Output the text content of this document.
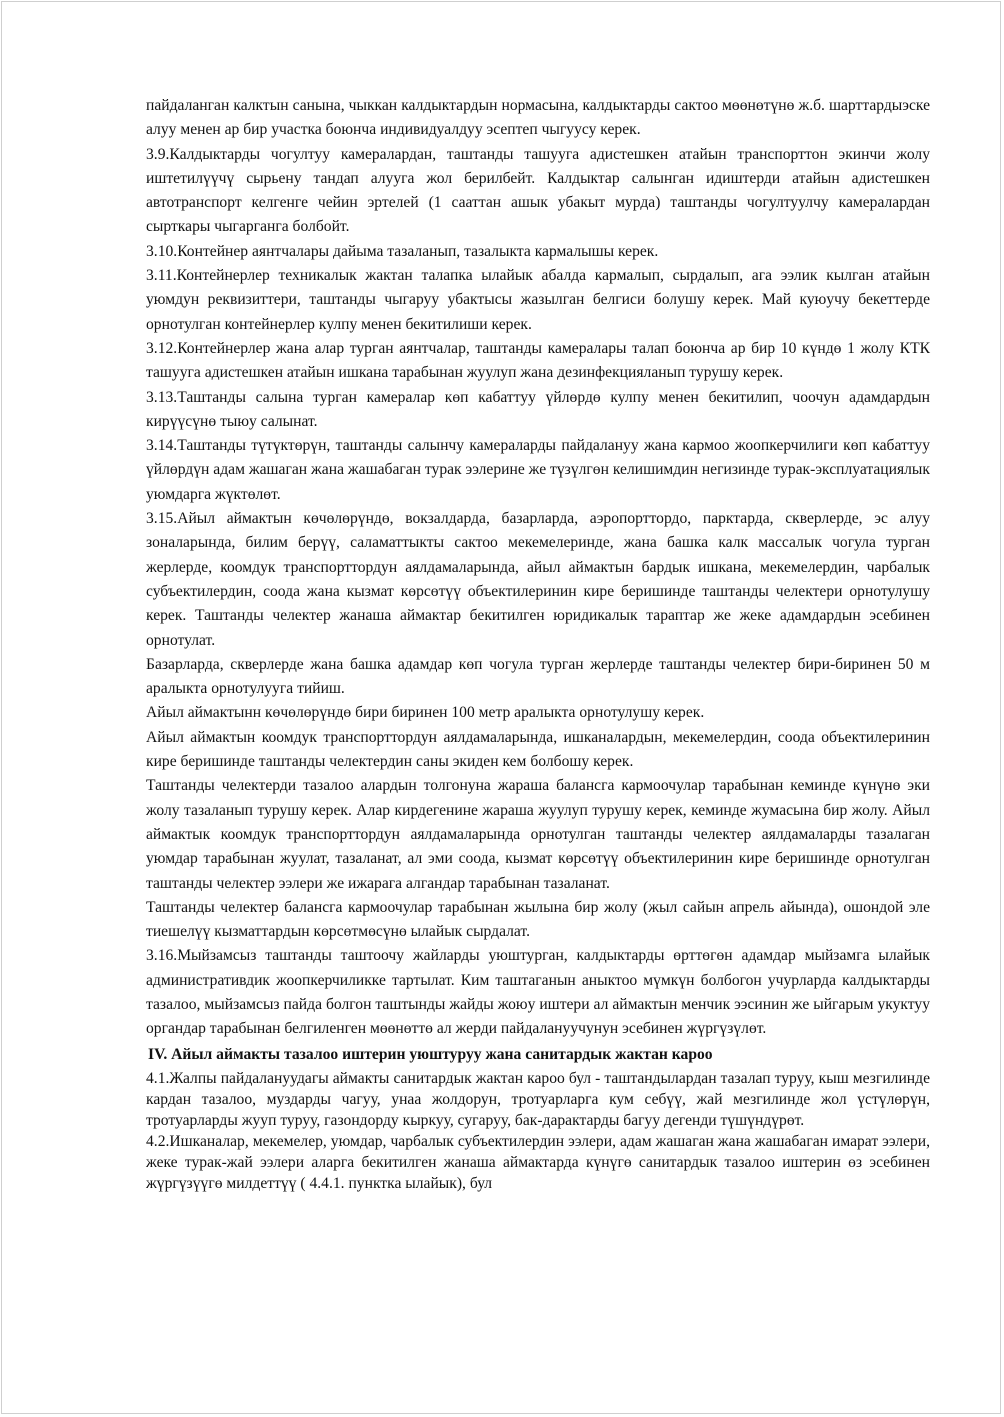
пайдаланган калктын санына, чыккан калдыктардын нормасына, калдыктарды сактоо мөөнөтүнө ж.б. шарттардыэске алуу менен ар бир участка боюнча индивидуалдуу эсептеп чыгуусу керек.

3.9.Калдыктарды чогултуу камералардан, таштанды ташууга адистешкен атайын транспорттон экинчи жолу иштетилүүчү сырьену тандап алууга жол берилбейт. Калдыктар салынган идиштерди атайын адистешкен автотранспорт келгенге чейин эртелей (1 сааттан ашык убакыт мурда) таштанды чогултуулчу камералардан сырткары чыгарганга болбойт.

3.10.Контейнер аянтчалары дайыма тазаланып, тазалыкта кармалышы керек.

3.11.Контейнерлер техникалык жактан талапка ылайык абалда кармалып, сырдалып, ага ээлик кылган атайын уюмдун реквизиттери, таштанды чыгаруу убактысы жазылган белгиси болушу керек. Май куюучу бекеттерде орнотулган контейнерлер кулпу менен бекитилиши керек.

3.12.Контейнерлер жана алар турган аянтчалар, таштанды камералары талап боюнча ар бир 10 күндө 1 жолу КТК ташууга адистешкен атайын ишкана тарабынан жуулуп жана дезинфекцияланып турушу керек.

3.13.Таштанды салына турган камералар көп кабаттуу үйлөрдө кулпу менен бекитилип, чоочун адамдардын кирүүсүнө тыюу салынат.

3.14.Таштанды түтүктөрүн, таштанды салынчу камераларды пайдалануу жана кармоо жоопкерчилиги көп кабаттуу үйлөрдүн адам жашаган жана жашабаган турак ээлерине же түзүлгөн келишимдин негизинде турак-эксплуатациялык уюмдарга жүктөлөт.

3.15.Айыл аймактын көчөлөрүндө, вокзалдарда, базарларда, аэропорттордо, парктарда, скверлерде, эс алуу зоналарында, билим берүү, саламаттыкты сактоо мекемелеринде, жана башка калк массалык чогула турган жерлерде, коомдук транспорттордун аялдамаларында, айыл аймактын бардык ишкана, мекемелердин, чарбалык субъектилердин, соода жана кызмат көрсөтүү объектилеринин кире беришинде таштанды челектери орнотулушу керек. Таштанды челектер жанаша аймактар бекитилген юридикалык тараптар же жеке адамдардын эсебинен орнотулат.

Базарларда, скверлерде жана башка адамдар көп чогула турган жерлерде таштанды челектер бири-биринен 50 м аралыкта орнотулууга тийиш.

Айыл аймактынн көчөлөрүндө бири биринен 100 метр аралыкта орнотулушу керек.

Айыл аймактын коомдук транспорттордун аялдамаларында, ишканалардын, мекемелердин, соода объектилеринин кире беришинде таштанды челектердин саны экиден кем болбошу керек.

Таштанды челектерди тазалоо алардын толгонуна жараша балансга кармоочулар тарабынан кеминде күнүнө эки жолу тазаланып турушу керек. Алар кирдегенине жараша жуулуп турушу керек, кеминде жумасына бир жолу. Айыл аймактык коомдук транспорттордун аялдамаларында орнотулган таштанды челектер аялдамаларды тазалаган уюмдар тарабынан жуулат, тазаланат, ал эми соода, кызмат көрсөтүү объектилеринин кире беришинде орнотулган таштанды челектер ээлери же ижарага алгандар тарабынан тазаланат.

Таштанды челектер балансга кармоочулар тарабынан жылына бир жолу (жыл сайын апрель айында), ошондой эле тиешелүү кызматтардын көрсөтмөсүнө ылайык сырдалат.

3.16.Мыйзамсыз таштанды таштоочу жайларды уюштурган, калдыктарды өрттөгөн адамдар мыйзамга ылайык административдик жоопкерчиликке тартылат. Ким таштаганын аныктоо мүмкүн болбогон учурларда калдыктарды тазалоо, мыйзамсыз пайда болгон таштынды жайды жоюу иштери ал аймактын менчик ээсинин же ыйгарым укуктуу органдар тарабынан белгиленген мөөнөттө ал жерди пайдалануучунун эсебинен жүргүзүлөт.

IV. Айыл аймакты тазалоо иштерин уюштуруу жана санитардык жактан кароо

4.1.Жалпы пайдалануудагы аймакты санитардык жактан кароо бул - таштандылардан тазалап туруу, кыш мезгилинде кардан тазалоо, муздарды чагуу, унаа жолдорун, тротуарларга кум себүү, жай мезгилинде жол үстүлөрүн, тротуарларды жууп туруу, газондорду кыркуу, сугаруу, бак-дарактарды багуу дегенди түшүндүрөт.

4.2.Ишканалар, мекемелер, уюмдар, чарбалык субъектилердин ээлери, адам жашаган жана жашабаган имарат ээлери, жеке турак-жай ээлери аларга бекитилген жанаша аймактарда күнүгө санитардык тазалоо иштерин өз эсебинен жүргүзүүгө милдеттүү ( 4.4.1. пунктка ылайык), бул
